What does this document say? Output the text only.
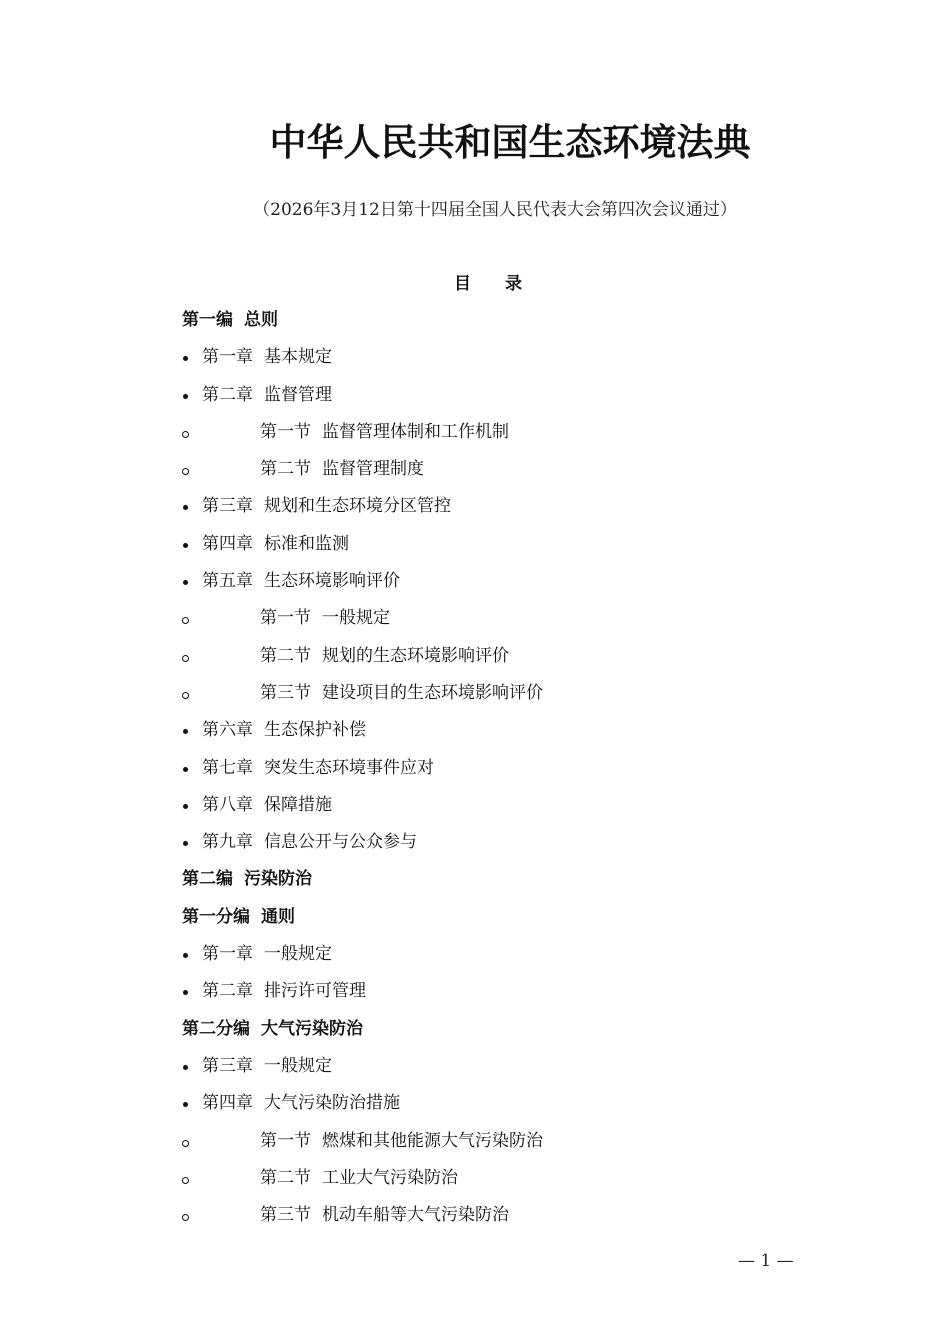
中华人民共和国生态环境法典
（2026年3月12日第十四届全国人民代表大会第四次会议通过）
目 录
第一编 总则
第一章 基本规定
第二章 监督管理
第一节 监督管理体制和工作机制
第二节 监督管理制度
第三章 规划和生态环境分区管控
第四章 标准和监测
第五章 生态环境影响评价
第一节 一般规定
第二节 规划的生态环境影响评价
第三节 建设项目的生态环境影响评价
第六章 生态保护补偿
第七章 突发生态环境事件应对
第八章 保障措施
第九章 信息公开与公众参与
第二编 污染防治
第一分编 通则
第一章 一般规定
第二章 排污许可管理
第二分编 大气污染防治
第三章 一般规定
第四章 大气污染防治措施
第一节 燃煤和其他能源大气污染防治
第二节 工业大气污染防治
第三节 机动车船等大气污染防治
— 1 —
